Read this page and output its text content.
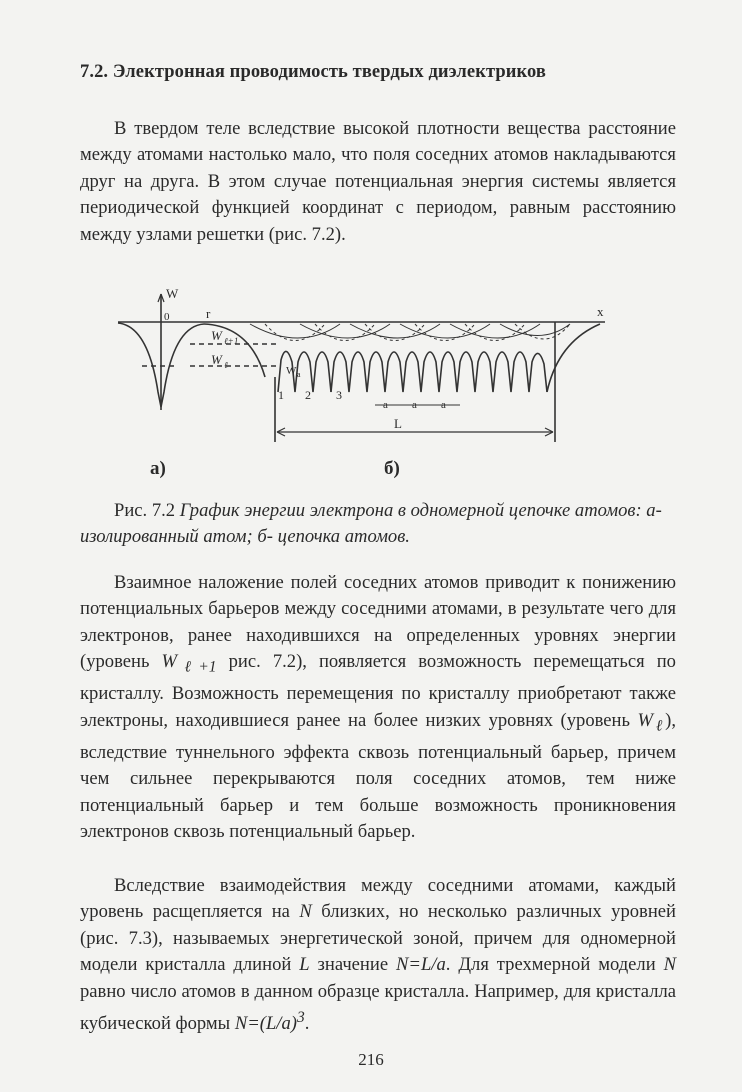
7.2. Электронная проводимость твердых диэлектриков
В твердом теле вследствие высокой плотности вещества расстояние между атомами настолько мало, что поля соседних атомов накладываются друг на друга. В этом случае потенциальная энергия системы является периодической функцией координат с периодом, равным расстоянию между узлами решетки (рис. 7.2).
W
0	r	x
W ℓ+1
W ℓ	W a
1 2 3
a a a
L
а)	б)
Рис. 7.2 График энергии электрона в одномерной цепочке атомов: а- изолированный атом; б- цепочка атомов.
Взаимное наложение полей соседних атомов приводит к понижению потенциальных барьеров между соседними атомами, в результате чего для электронов, ранее находившихся на определенных уровнях энергии (уровень $W_{\ell+1}$ рис. 7.2), появляется возможность перемещаться по кристаллу. Возможность перемещения по кристаллу приобретают также электроны, находившиеся ранее на более низких уровнях (уровень $W_\ell$), вследствие туннельного эффекта сквозь потенциальный барьер, причем чем сильнее перекрываются поля соседних атомов, тем ниже потенциальный барьер и тем больше возможность проникновения электронов сквозь потенциальный барьер.
Вследствие взаимодействия между соседними атомами, каждый уровень расщепляется на N близких, но несколько различных уровней (рис. 7.3), называемых энергетической зоной, причем для одномерной модели кристалла длиной L значение N=L/a. Для трехмерной модели N равно число атомов в данном образце кристалла. Например, для кристалла кубической формы $N=(L/a)^3$.
216
